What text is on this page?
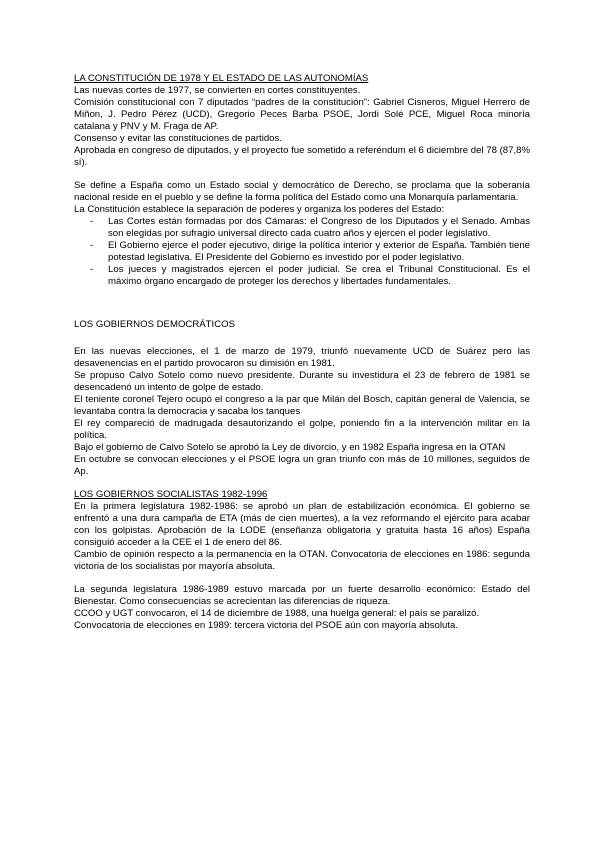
LA CONSTITUCIÓN DE 1978 Y EL ESTADO DE LAS AUTONOMÍAS

Las nuevas cortes de 1977, se convierten en cortes constituyentes.

Comisión constitucional con 7 diputados “padres de la constitución”: Gabriel Cisneros, Miguel Herrero de Miñon, J. Pedro Pérez (UCD), Gregorio Peces Barba PSOE, Jordi Solé PCE, Miguel Roca minoría catalana y PNV y M. Fraga de AP.

Consenso y evitar las constituciones de partidos.

Aprobada en congreso de diputados, y el proyecto fue sometido a referéndum el 6 diciembre del 78 (87,8% sí).

Se define a España como un Estado social y democrático de Derecho, se proclama que la soberanía nacional reside en el pueblo y se define la forma política del Estado como una Monarquía parlamentaria.

La Constitución establece la separación de poderes y organiza los poderes del Estado:

- Las Cortes están formadas por dos Cámaras: el Congreso de los Diputados y el Senado. Ambas son elegidas por sufragio universal directo cada cuatro años y ejercen el poder legislativo.
- El Gobierno ejerce el poder ejecutivo, dirige la política interior y exterior de España. También tiene potestad legislativa. El Presidente del Gobierno es investido por el poder legislativo.
- Los jueces y magistrados ejercen el poder judicial. Se crea el Tribunal Constitucional. Es el máximo órgano encargado de proteger los derechos y libertades fundamentales.
LOS GOBIERNOS DEMOCRÁTICOS

En las nuevas elecciones, el 1 de marzo de 1979, triunfó nuevamente UCD de Suárez pero las desavenencias en el partido provocaron su dimisión en 1981.

Se propuso Calvo Sotelo como nuevo presidente. Durante su investidura el 23 de febrero de 1981 se desencadenó un intento de golpe de estado.

El teniente coronel Tejero ocupó el congreso a la par que Milán del Bosch, capitán general de Valencia, se levantaba contra la democracia y sacaba los tanques

El rey compareció de madrugada desautorizando el golpe, poniendo fin a la intervención militar en la política.

Bajo el gobierno de Calvo Sotelo se aprobó la Ley de divorcio, y en 1982 España ingresa en la OTAN

En octubre se convocan elecciones y el PSOE logra un gran triunfo con más de 10 millones, seguidos de Ap.

LOS GOBIERNOS SOCIALISTAS 1982-1996

En la primera legislatura 1982-1986: se aprobó un plan de estabilización económica. El gobierno se enfrentó a una dura campaña de ETA (más de cien muertes), a la vez reformando el ejército para acabar con los golpistas. Aprobación de la LODE (enseñanza obligatoria y gratuita hasta 16 años) España consiguió acceder a la CEE el 1 de enero del 86.

Cambio de opinión respecto a la permanencia en la OTAN. Convocatoria de elecciones en 1986: segunda victoria de los socialistas por mayoría absoluta.

La segunda legislatura 1986-1989 estuvo marcada por un fuerte desarrollo económico: Estado del Bienestar. Como consecuencias se acrecientan las diferencias de riqueza.

CCOO y UGT convocaron, el 14 de diciembre de 1988, una huelga general: el país se paralizó.

Convocatoria de elecciones en 1989: tercera victoria del PSOE aún con mayoría absoluta.
